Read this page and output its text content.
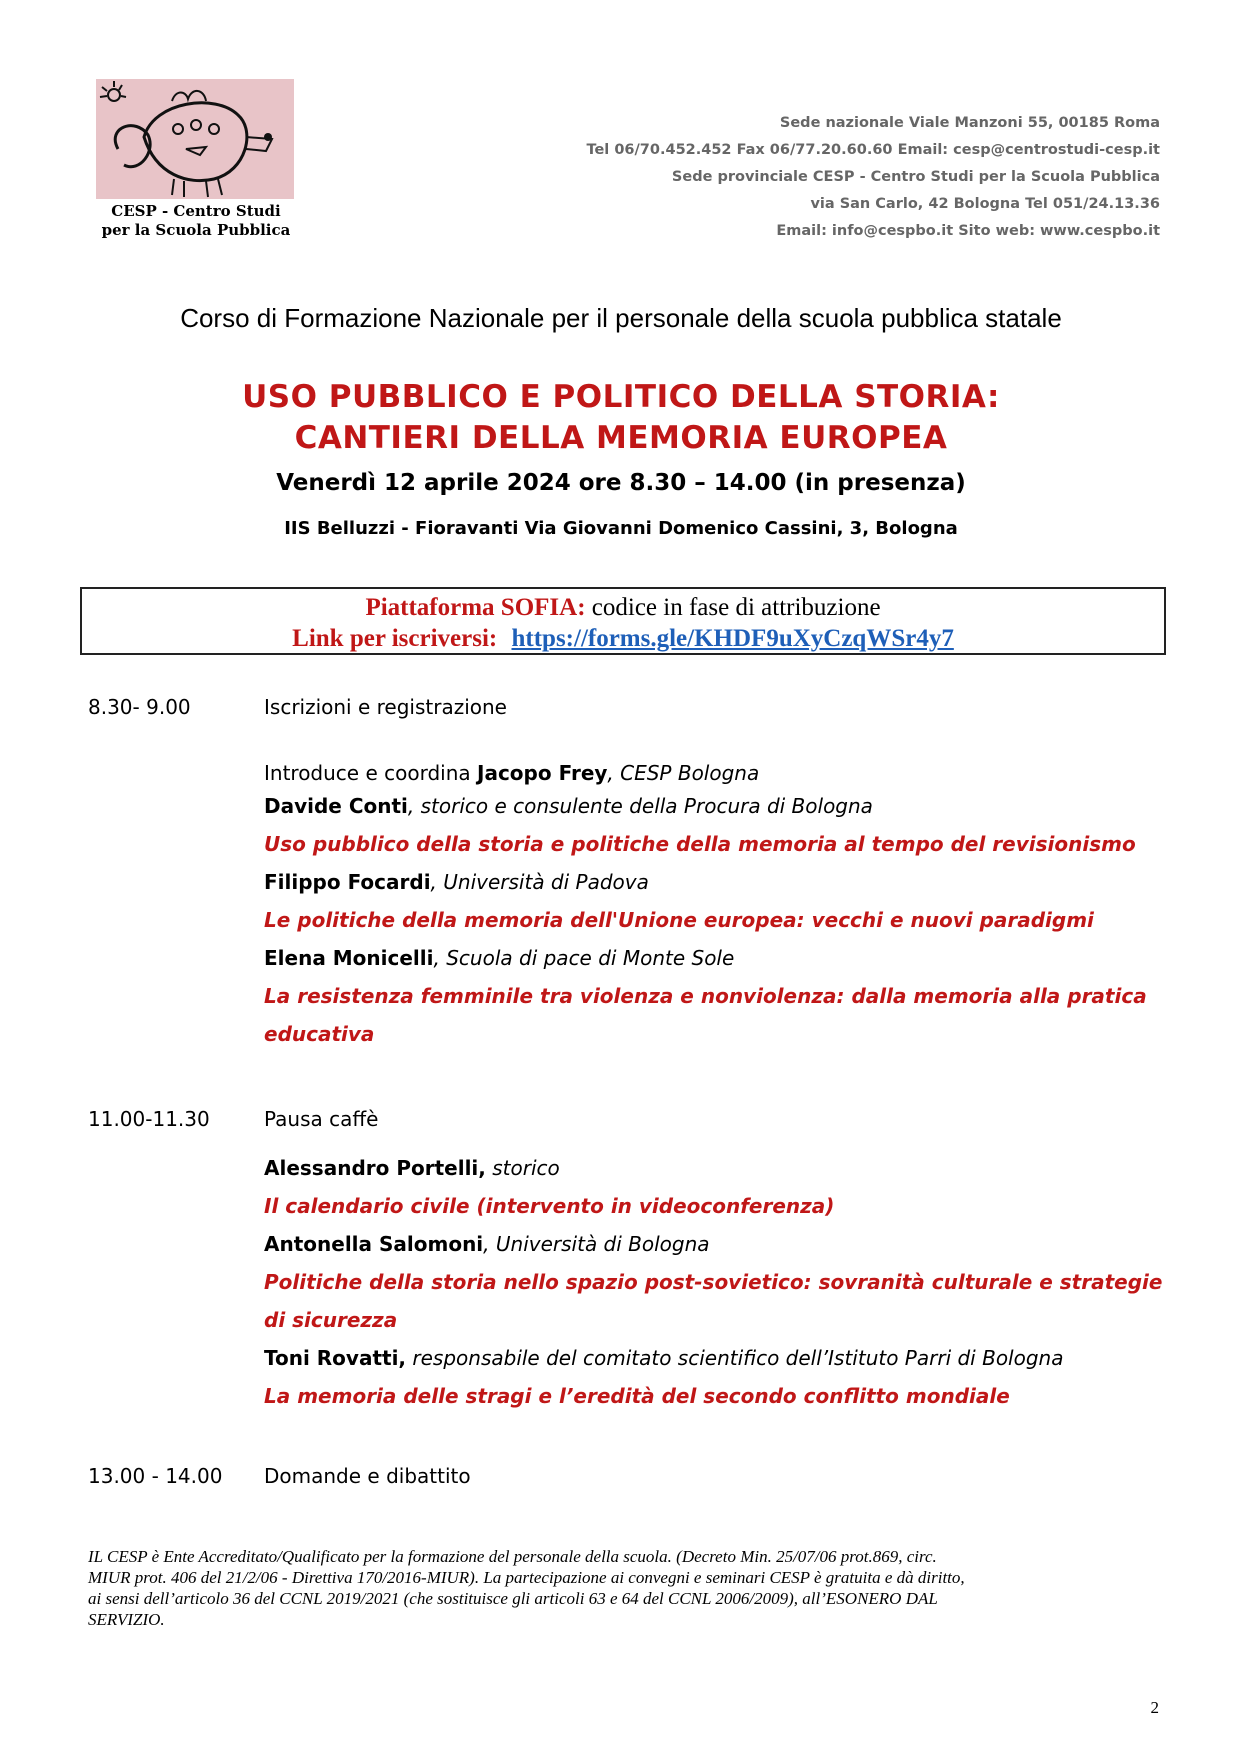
CESP - Centro Studi
per la Scuola Pubblica
Sede nazionale Viale Manzoni 55, 00185 Roma
Tel 06/70.452.452 Fax 06/77.20.60.60 Email: cesp@centrostudi-cesp.it
Sede provinciale CESP - Centro Studi per la Scuola Pubblica
via San Carlo, 42 Bologna Tel 051/24.13.36
Email: info@cespbo.it Sito web: www.cespbo.it
Corso di Formazione Nazionale per il personale della scuola pubblica statale
USO PUBBLICO E POLITICO DELLA STORIA:
CANTIERI DELLA MEMORIA EUROPEA
Venerdì 12 aprile 2024 ore 8.30 – 14.00 (in presenza)
IIS Belluzzi - Fioravanti Via Giovanni Domenico Cassini, 3, Bologna
Piattaforma SOFIA: codice in fase di attribuzione
Link per iscriversi: https://forms.gle/KHDF9uXyCzqWSr4y7
8.30- 9.00	Iscrizioni e registrazione
Introduce e coordina Jacopo Frey, CESP Bologna
Davide Conti, storico e consulente della Procura di Bologna
Uso pubblico della storia e politiche della memoria al tempo del revisionismo
Filippo Focardi, Università di Padova
Le politiche della memoria dell'Unione europea: vecchi e nuovi paradigmi
Elena Monicelli, Scuola di pace di Monte Sole
La resistenza femminile tra violenza e nonviolenza: dalla memoria alla pratica
educativa
11.00-11.30	Pausa caffè
Alessandro Portelli, storico
Il calendario civile (intervento in videoconferenza)
Antonella Salomoni, Università di Bologna
Politiche della storia nello spazio post-sovietico: sovranità culturale e strategie
di sicurezza
Toni Rovatti, responsabile del comitato scientifico dell’Istituto Parri di Bologna
La memoria delle stragi e l’eredità del secondo conflitto mondiale
13.00 - 14.00 Domande e dibattito
IL CESP è Ente Accreditato/Qualificato per la formazione del personale della scuola. (Decreto Min. 25/07/06 prot.869, circ.
MIUR prot. 406 del 21/2/06 - Direttiva 170/2016-MIUR). La partecipazione ai convegni e seminari CESP è gratuita e dà diritto,
ai sensi dell’articolo 36 del CCNL 2019/2021 (che sostituisce gli articoli 63 e 64 del CCNL 2006/2009), all’ESONERO DAL
SERVIZIO.
2
